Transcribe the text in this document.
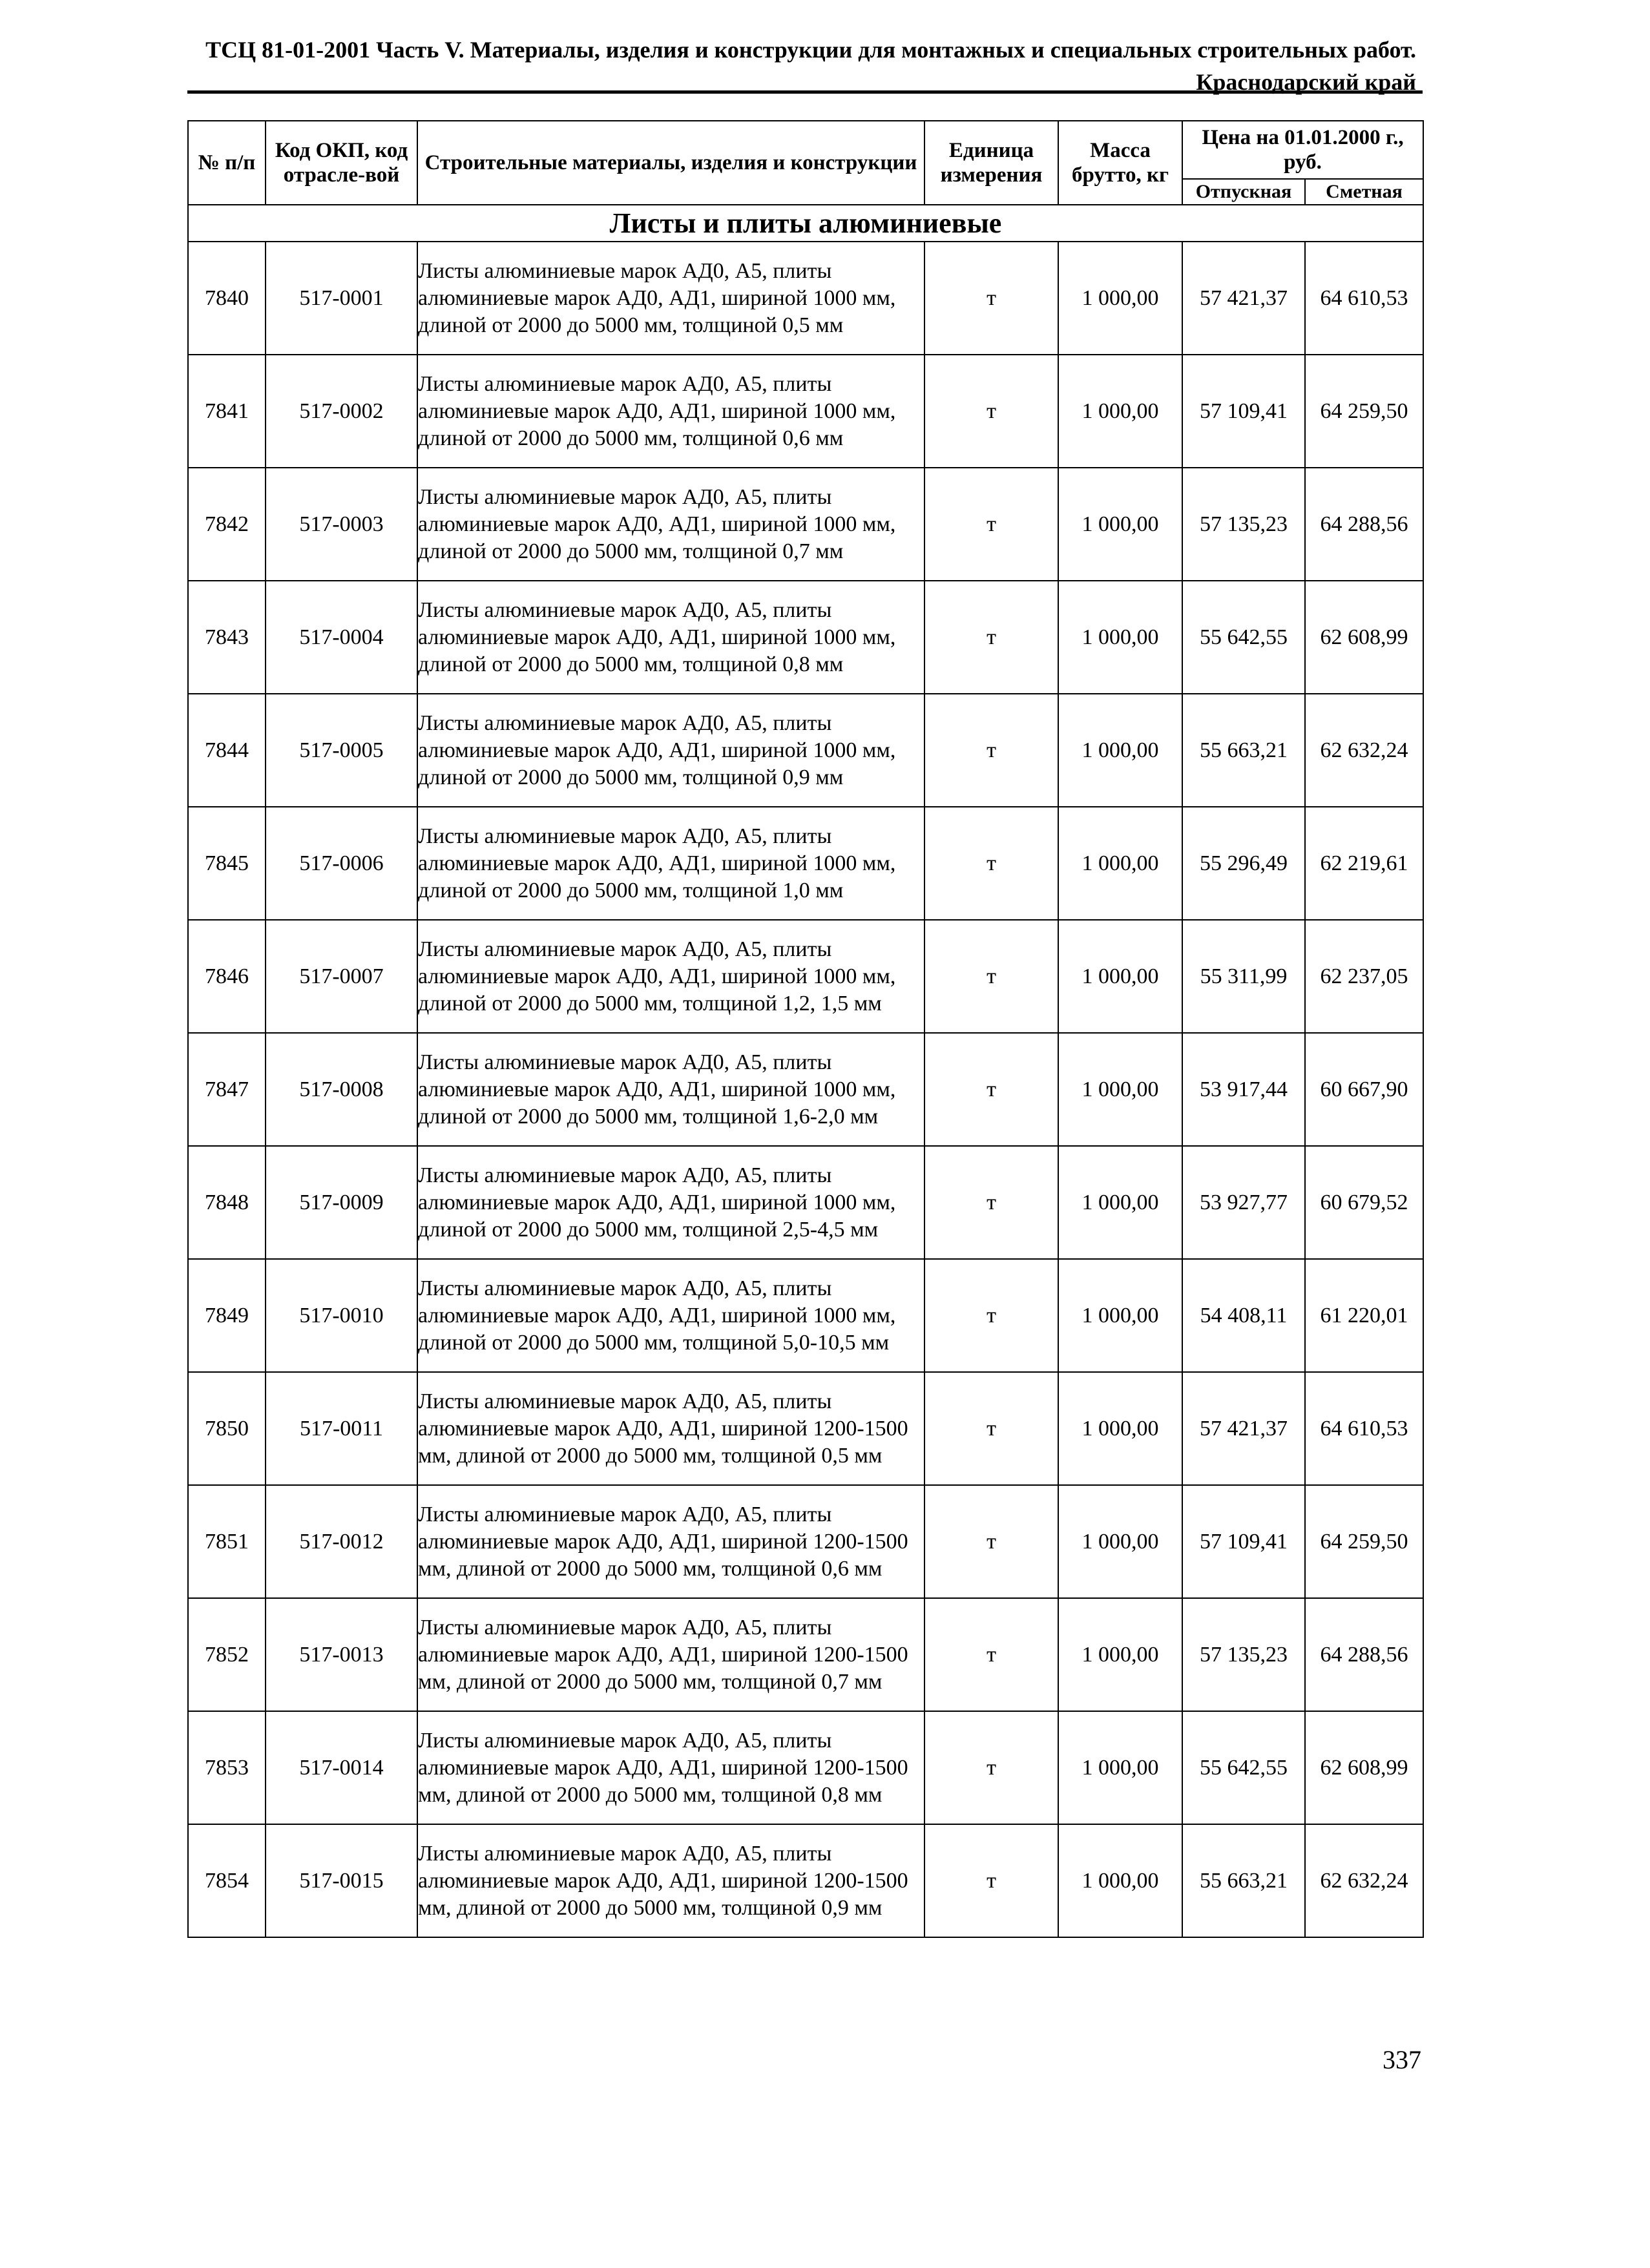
ТСЦ 81-01-2001 Часть V. Материалы, изделия и конструкции для монтажных и специальных строительных работ.
Краснодарский край
№ п/п	Код ОКП, код отрасле-вой	Строительные материалы, изделия и конструкции	Единица измерения	Масса брутто, кг	Цена на 01.01.2000 г., руб.	
					Отпускная	Сметная
Листы и плиты алюминиевые						
7840	517-0001	Листы алюминиевые марок АД0, А5, плиты алюминиевые марок АД0, АД1, шириной 1000 мм, длиной от 2000 до 5000 мм, толщиной 0,5 мм	т	1 000,00	57 421,37	64 610,53
7841	517-0002	Листы алюминиевые марок АД0, А5, плиты алюминиевые марок АД0, АД1, шириной 1000 мм, длиной от 2000 до 5000 мм, толщиной 0,6 мм	т	1 000,00	57 109,41	64 259,50
7842	517-0003	Листы алюминиевые марок АД0, А5, плиты алюминиевые марок АД0, АД1, шириной 1000 мм, длиной от 2000 до 5000 мм, толщиной 0,7 мм	т	1 000,00	57 135,23	64 288,56
7843	517-0004	Листы алюминиевые марок АД0, А5, плиты алюминиевые марок АД0, АД1, шириной 1000 мм, длиной от 2000 до 5000 мм, толщиной 0,8 мм	т	1 000,00	55 642,55	62 608,99
7844	517-0005	Листы алюминиевые марок АД0, А5, плиты алюминиевые марок АД0, АД1, шириной 1000 мм, длиной от 2000 до 5000 мм, толщиной 0,9 мм	т	1 000,00	55 663,21	62 632,24
7845	517-0006	Листы алюминиевые марок АД0, А5, плиты алюминиевые марок АД0, АД1, шириной 1000 мм, длиной от 2000 до 5000 мм, толщиной 1,0 мм	т	1 000,00	55 296,49	62 219,61
7846	517-0007	Листы алюминиевые марок АД0, А5, плиты алюминиевые марок АД0, АД1, шириной 1000 мм, длиной от 2000 до 5000 мм, толщиной 1,2, 1,5 мм	т	1 000,00	55 311,99	62 237,05
7847	517-0008	Листы алюминиевые марок АД0, А5, плиты алюминиевые марок АД0, АД1, шириной 1000 мм, длиной от 2000 до 5000 мм, толщиной 1,6-2,0 мм	т	1 000,00	53 917,44	60 667,90
7848	517-0009	Листы алюминиевые марок АД0, А5, плиты алюминиевые марок АД0, АД1, шириной 1000 мм, длиной от 2000 до 5000 мм, толщиной 2,5-4,5 мм	т	1 000,00	53 927,77	60 679,52
7849	517-0010	Листы алюминиевые марок АД0, А5, плиты алюминиевые марок АД0, АД1, шириной 1000 мм, длиной от 2000 до 5000 мм, толщиной 5,0-10,5 мм	т	1 000,00	54 408,11	61 220,01
7850	517-0011	Листы алюминиевые марок АД0, А5, плиты алюминиевые марок АД0, АД1, шириной 1200-1500 мм, длиной от 2000 до 5000 мм, толщиной 0,5 мм	т	1 000,00	57 421,37	64 610,53
7851	517-0012	Листы алюминиевые марок АД0, А5, плиты алюминиевые марок АД0, АД1, шириной 1200-1500 мм, длиной от 2000 до 5000 мм, толщиной 0,6 мм	т	1 000,00	57 109,41	64 259,50
7852	517-0013	Листы алюминиевые марок АД0, А5, плиты алюминиевые марок АД0, АД1, шириной 1200-1500 мм, длиной от 2000 до 5000 мм, толщиной 0,7 мм	т	1 000,00	57 135,23	64 288,56
7853	517-0014	Листы алюминиевые марок АД0, А5, плиты алюминиевые марок АД0, АД1, шириной 1200-1500 мм, длиной от 2000 до 5000 мм, толщиной 0,8 мм	т	1 000,00	55 642,55	62 608,99
7854	517-0015	Листы алюминиевые марок АД0, А5, плиты алюминиевые марок АД0, АД1, шириной 1200-1500 мм, длиной от 2000 до 5000 мм, толщиной 0,9 мм	т	1 000,00	55 663,21	62 632,24
337
